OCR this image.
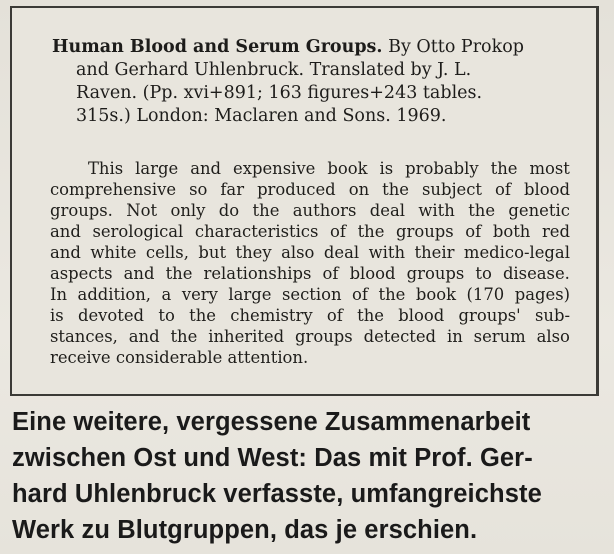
Human Blood and Serum Groups. By Otto Prokop
and Gerhard Uhlenbruck. Translated by J. L.
Raven. (Pp. xvi+891; 163 figures+243 tables.
315s.) London: Maclaren and Sons. 1969.
This large and expensive book is probably the most
comprehensive so far produced on the subject of blood
groups. Not only do the authors deal with the genetic
and serological characteristics of the groups of both red
and white cells, but they also deal with their medico-legal
aspects and the relationships of blood groups to disease.
In addition, a very large section of the book (170 pages)
is devoted to the chemistry of the blood groups' sub-
stances, and the inherited groups detected in serum also
receive considerable attention.
Eine weitere, vergessene Zusammenarbeit
zwischen Ost und West: Das mit Prof. Ger-
hard Uhlenbruck verfasste, umfangreichste
Werk zu Blutgruppen, das je erschien.
